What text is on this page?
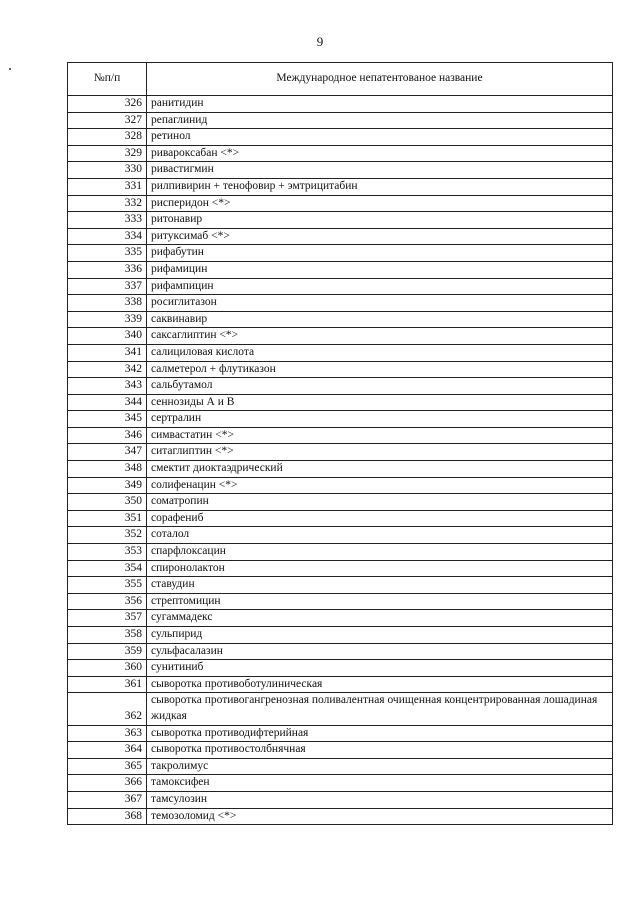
9
№п/п	Международное непатентованое название
326	ранитидин
327	репаглинид
328	ретинол
329	ривароксабан <*>
330	ривастигмин
331	рилпивирин + тенофовир + эмтрицитабин
332	рисперидон <*>
333	ритонавир
334	ритуксимаб <*>
335	рифабутин
336	рифамицин
337	рифампицин
338	росиглитазон
339	саквинавир
340	саксаглиптин <*>
341	салициловая кислота
342	салметерол + флутиказон
343	сальбутамол
344	сеннозиды А и В
345	сертралин
346	симвастатин <*>
347	ситаглиптин <*>
348	смектит диоктаэдрический
349	солифенацин <*>
350	соматропин
351	сорафениб
352	соталол
353	спарфлоксацин
354	спиронолактон
355	ставудин
356	стрептомицин
357	сугаммадекс
358	сульпирид
359	сульфасалазин
360	сунитиниб
361	сыворотка противоботулиническая
362	сыворотка противогангренозная поливалентная очищенная концентрированная лошадиная жидкая
363	сыворотка противодифтерийная
364	сыворотка противостолбнячная
365	такролимус
366	тамоксифен
367	тамсулозин
368	темозоломид <*>
